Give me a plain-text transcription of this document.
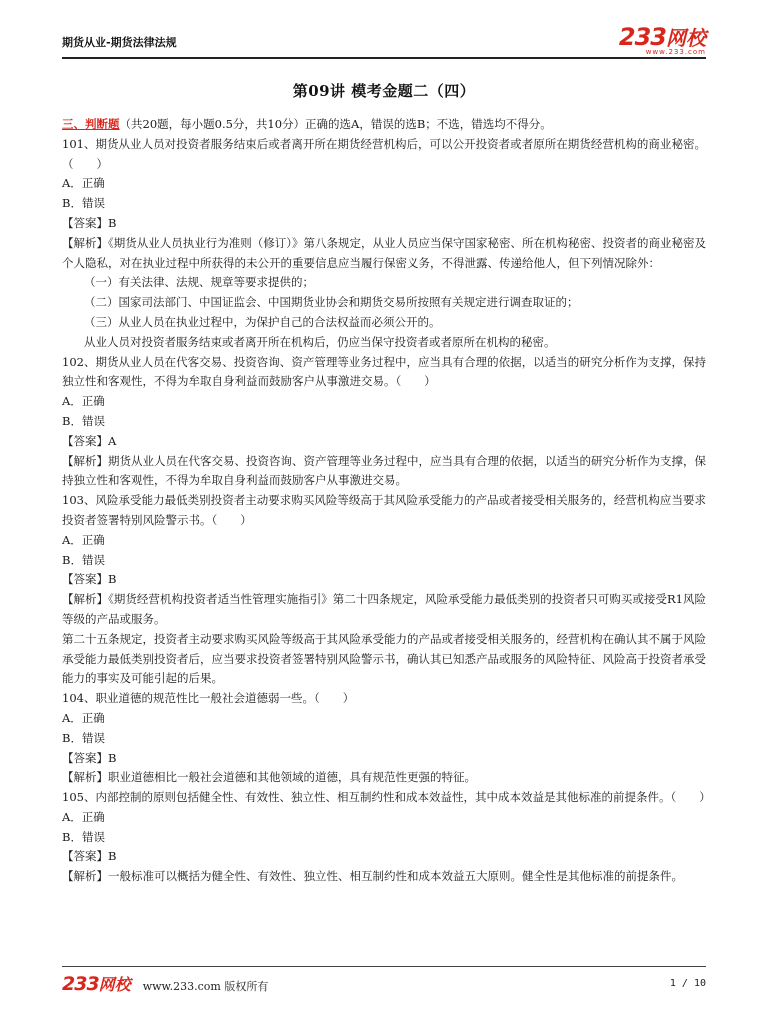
期货从业-期货法律法规	233网校
www.233.com
第09讲 模考金题二（四）
三、判断题（共20题，每小题0.5分，共10分）正确的选A，错误的选B；不选，错选均不得分。
101、期货从业人员对投资者服务结束后或者离开所在期货经营机构后，可以公开投资者或者原所在期货经营机构的商业秘密。（　　）
A．正确
B．错误
【答案】B
【解析】《期货从业人员执业行为准则（修订）》第八条规定，从业人员应当保守国家秘密、所在机构秘密、投资者的商业秘密及个人隐私，对在执业过程中所获得的未公开的重要信息应当履行保密义务，不得泄露、传递给他人，但下列情况除外：
（一）有关法律、法规、规章等要求提供的；
（二）国家司法部门、中国证监会、中国期货业协会和期货交易所按照有关规定进行调查取证的；
（三）从业人员在执业过程中，为保护自己的合法权益而必须公开的。
从业人员对投资者服务结束或者离开所在机构后，仍应当保守投资者或者原所在机构的秘密。
102、期货从业人员在代客交易、投资咨询、资产管理等业务过程中，应当具有合理的依据，以适当的研究分析作为支撑，保持独立性和客观性，不得为牟取自身利益而鼓励客户从事激进交易。（　　）
A．正确
B．错误
【答案】A
【解析】期货从业人员在代客交易、投资咨询、资产管理等业务过程中，应当具有合理的依据，以适当的研究分析作为支撑，保持独立性和客观性，不得为牟取自身利益而鼓励客户从事激进交易。
103、风险承受能力最低类别投资者主动要求购买风险等级高于其风险承受能力的产品或者接受相关服务的，经营机构应当要求投资者签署特别风险警示书。（　　）
A．正确
B．错误
【答案】B
【解析】《期货经营机构投资者适当性管理实施指引》第二十四条规定，风险承受能力最低类别的投资者只可购买或接受R1风险等级的产品或服务。
第二十五条规定，投资者主动要求购买风险等级高于其风险承受能力的产品或者接受相关服务的，经营机构在确认其不属于风险承受能力最低类别投资者后，应当要求投资者签署特别风险警示书，确认其已知悉产品或服务的风险特征、风险高于投资者承受能力的事实及可能引起的后果。
104、职业道德的规范性比一般社会道德弱一些。（　　）
A．正确
B．错误
【答案】B
【解析】职业道德相比一般社会道德和其他领域的道德，具有规范性更强的特征。
105、内部控制的原则包括健全性、有效性、独立性、相互制约性和成本效益性，其中成本效益是其他标准的前提条件。（　　）
A．正确
B．错误
【答案】B
【解析】一般标准可以概括为健全性、有效性、独立性、相互制约性和成本效益五大原则。健全性是其他标准的前提条件。
233 网校 www.233.com 版权所有	1 / 10
